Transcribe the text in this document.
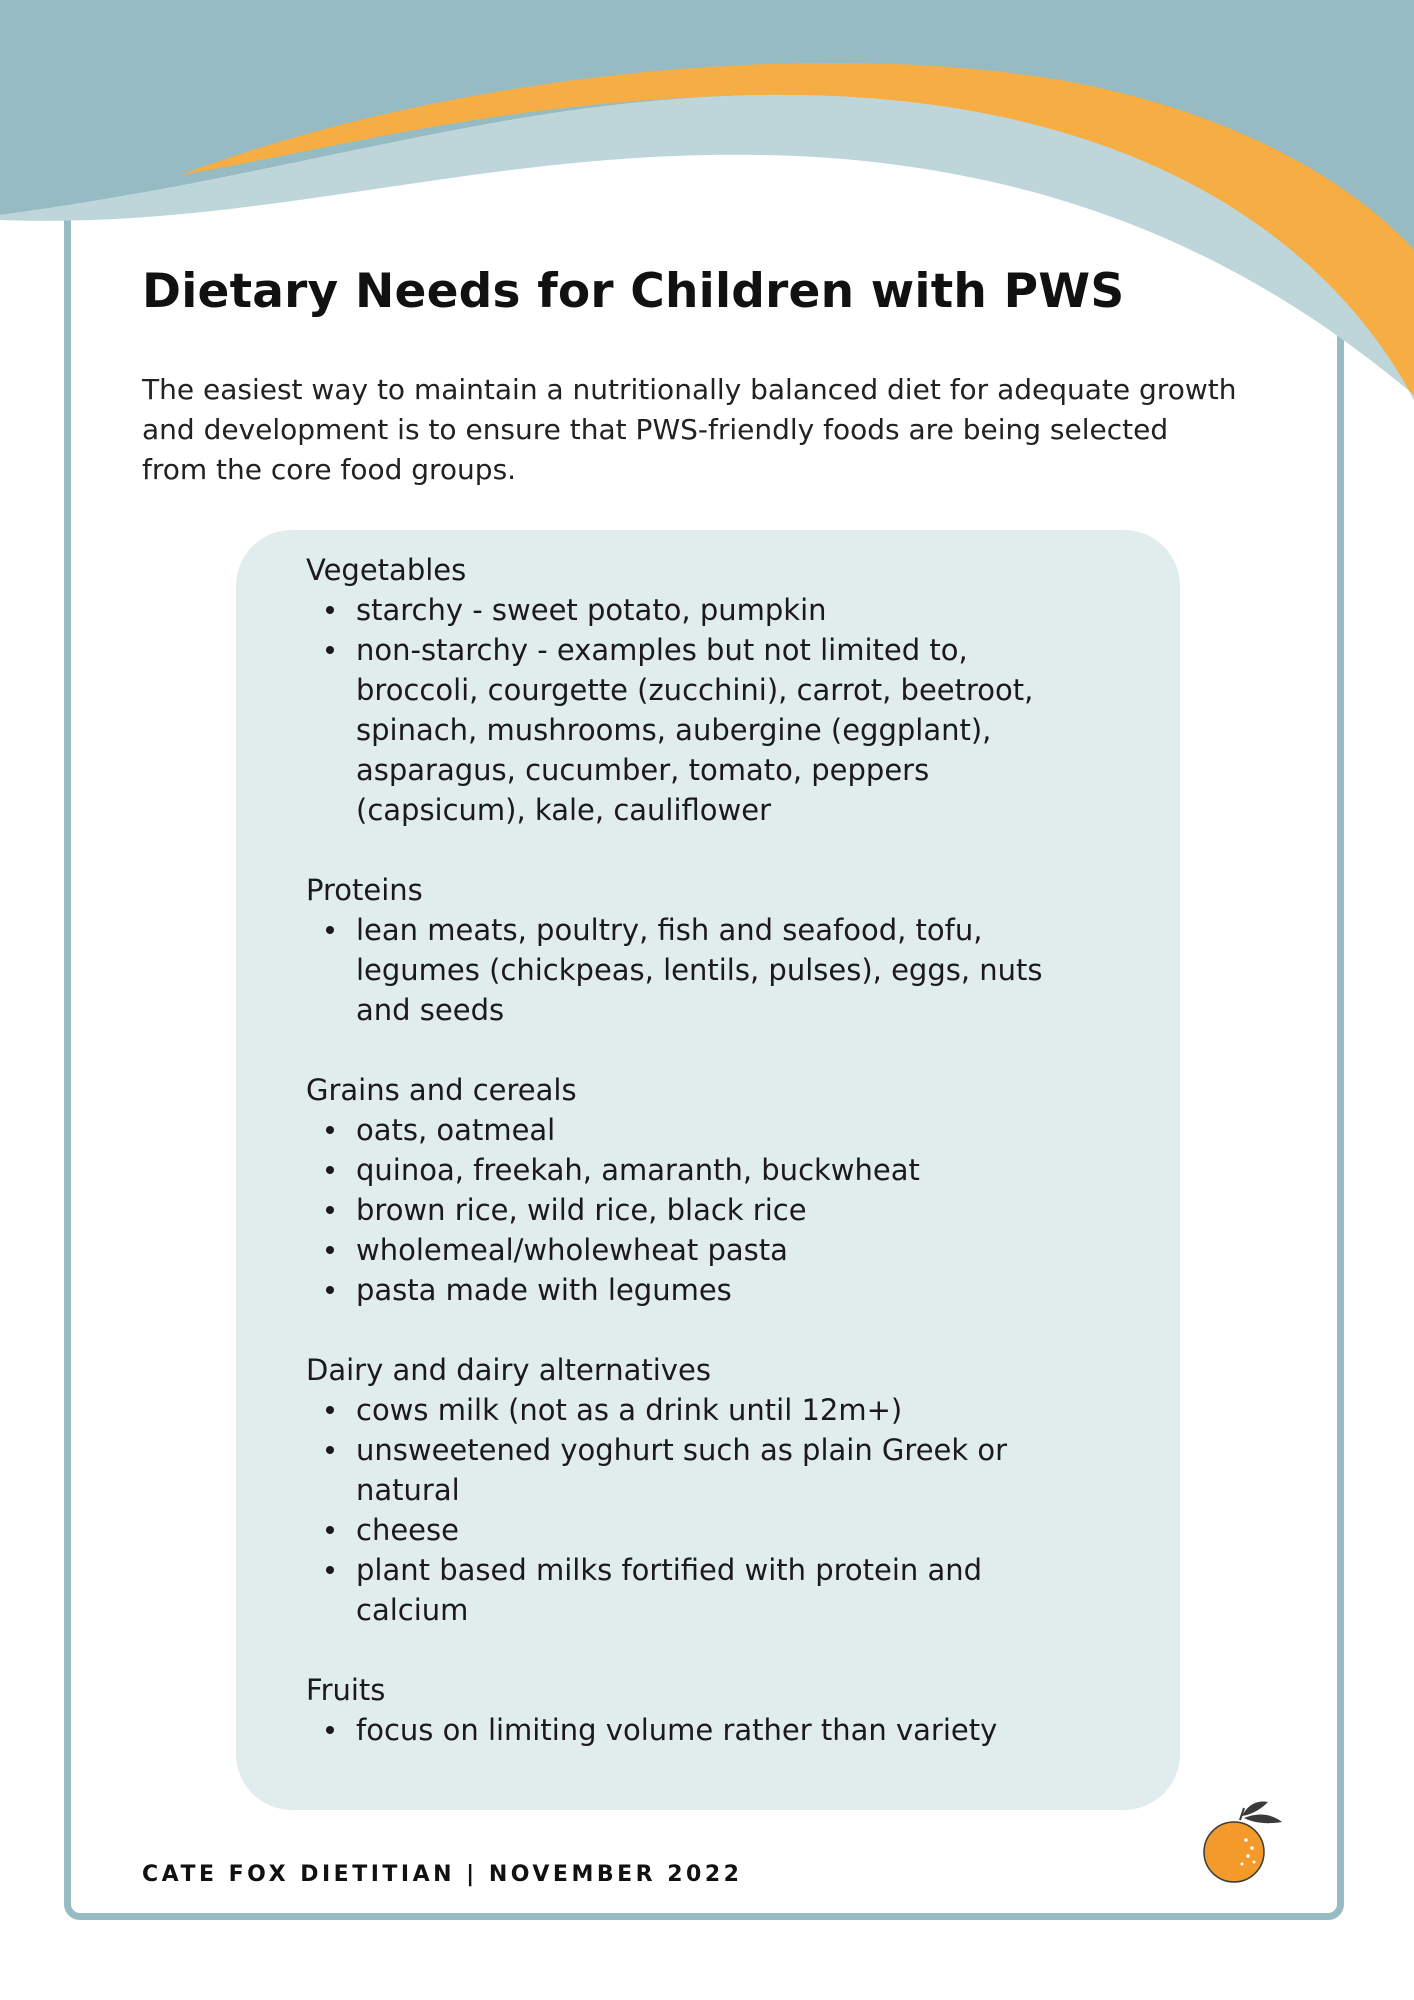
Dietary Needs for Children with PWS

The easiest way to maintain a nutritionally balanced diet for adequate growth and development is to ensure that PWS-friendly foods are being selected from the core food groups.

Vegetables
starchy - sweet potato, pumpkin
non-starchy - examples but not limited to, broccoli, courgette (zucchini), carrot, beetroot, spinach, mushrooms, aubergine (eggplant), asparagus, cucumber, tomato, peppers (capsicum), kale, cauliflower
Proteins
lean meats, poultry, fish and seafood, tofu, legumes (chickpeas, lentils, pulses), eggs, nuts and seeds
Grains and cereals
oats, oatmeal
quinoa, freekah, amaranth, buckwheat
brown rice, wild rice, black rice
wholemeal/wholewheat pasta
pasta made with legumes
Dairy and dairy alternatives
cows milk (not as a drink until 12m+)
unsweetened yoghurt such as plain Greek or natural
cheese
plant based milks fortified with protein and calcium
Fruits
focus on limiting volume rather than variety

CATE FOX DIETITIAN | NOVEMBER 2022
